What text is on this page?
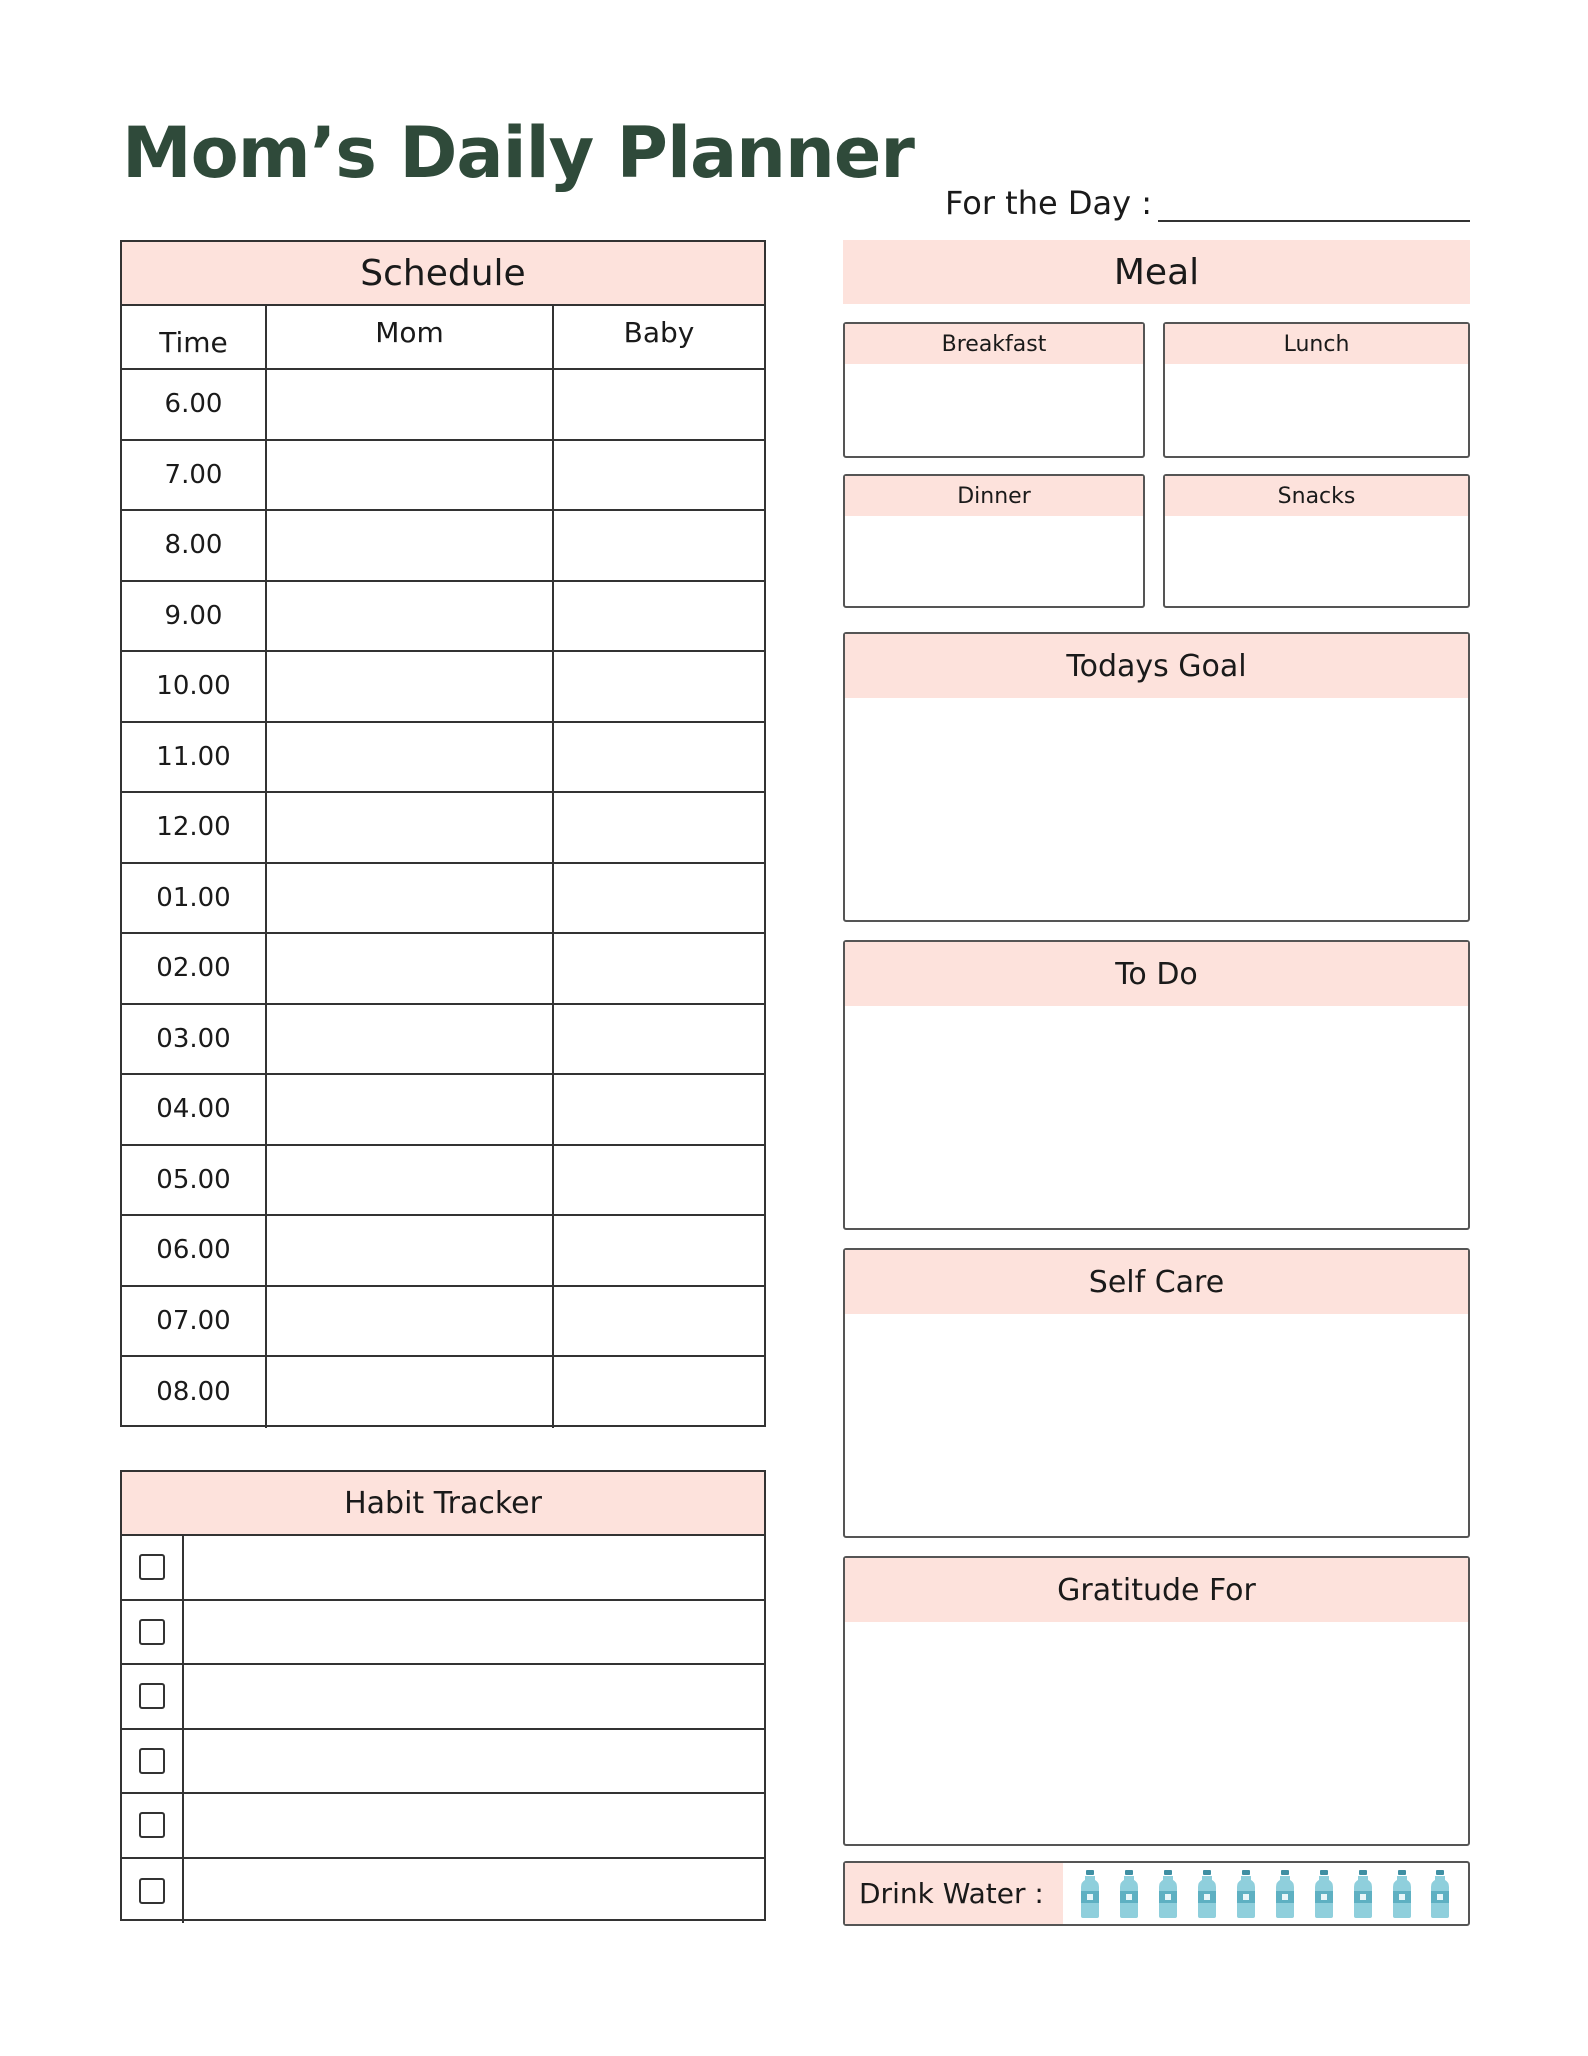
Mom’s Daily Planner
For the Day :
Schedule
Time	Mom	Baby
6.00
7.00
8.00
9.00
10.00
11.00
12.00
01.00
02.00
03.00
04.00
05.00
06.00
07.00
08.00
Habit Tracker
Meal
Breakfast	Lunch
Dinner	Snacks
Todays Goal
To Do
Self Care
Gratitude For
Drink Water :
